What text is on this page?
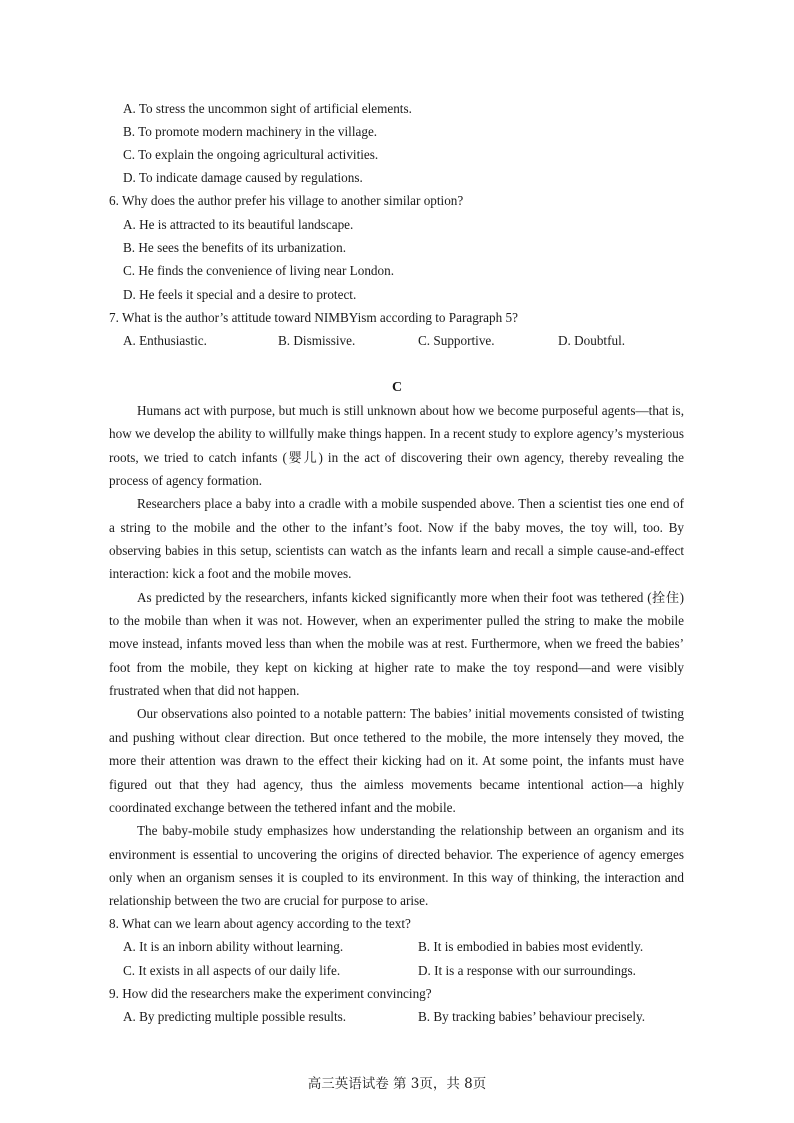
A. To stress the uncommon sight of artificial elements.
B. To promote modern machinery in the village.
C. To explain the ongoing agricultural activities.
D. To indicate damage caused by regulations.
6. Why does the author prefer his village to another similar option?
A. He is attracted to its beautiful landscape.
B. He sees the benefits of its urbanization.
C. He finds the convenience of living near London.
D. He feels it special and a desire to protect.
7. What is the author’s attitude toward NIMBYism according to Paragraph 5?
A. Enthusiastic.	B. Dismissive.	C. Supportive.	D. Doubtful.
C

Humans act with purpose, but much is still unknown about how we become purposeful agents—that is, how we develop the ability to willfully make things happen. In a recent study to explore agency’s mysterious roots, we tried to catch infants (婴儿) in the act of discovering their own agency, thereby revealing the process of agency formation.

Researchers place a baby into a cradle with a mobile suspended above. Then a scientist ties one end of a string to the mobile and the other to the infant’s foot. Now if the baby moves, the toy will, too. By observing babies in this setup, scientists can watch as the infants learn and recall a simple cause-and-effect interaction: kick a foot and the mobile moves.

As predicted by the researchers, infants kicked significantly more when their foot was tethered (拴住) to the mobile than when it was not. However, when an experimenter pulled the string to make the mobile move instead, infants moved less than when the mobile was at rest. Furthermore, when we freed the babies’ foot from the mobile, they kept on kicking at higher rate to make the toy respond—and were visibly frustrated when that did not happen.

Our observations also pointed to a notable pattern: The babies’ initial movements consisted of twisting and pushing without clear direction. But once tethered to the mobile, the more intensely they moved, the more their attention was drawn to the effect their kicking had on it. At some point, the infants must have figured out that they had agency, thus the aimless movements became intentional action—a highly coordinated exchange between the tethered infant and the mobile.

The baby-mobile study emphasizes how understanding the relationship between an organism and its environment is essential to uncovering the origins of directed behavior. The experience of agency emerges only when an organism senses it is coupled to its environment. In this way of thinking, the interaction and relationship between the two are crucial for purpose to arise.

8. What can we learn about agency according to the text?
A. It is an inborn ability without learning.	B. It is embodied in babies most evidently.
C. It exists in all aspects of our daily life.	D. It is a response with our surroundings.
9. How did the researchers make the experiment convincing?
A. By predicting multiple possible results.	B. By tracking babies’ behaviour precisely.
高三英语试卷 第 3页，共 8页
